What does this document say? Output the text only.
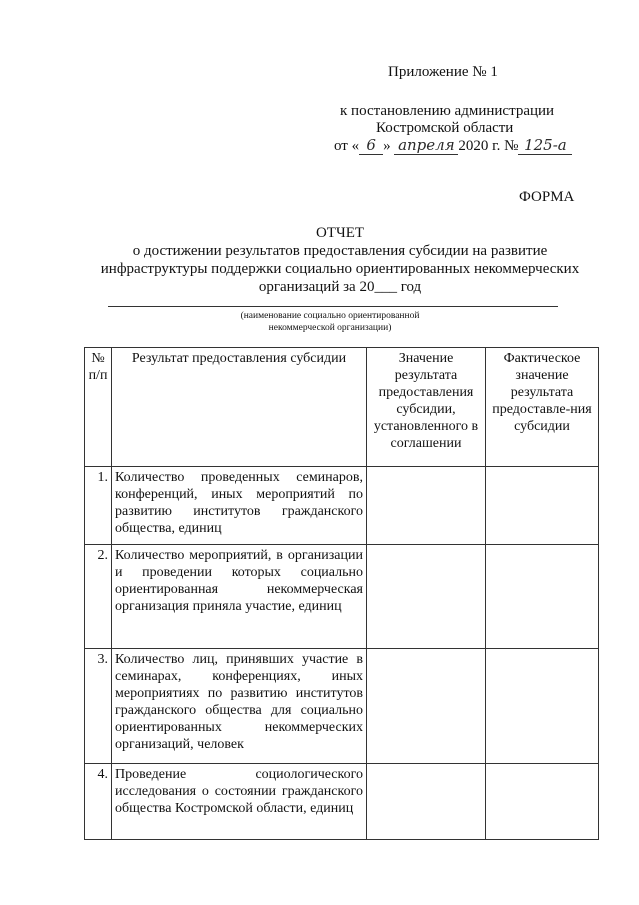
Приложение № 1
к постановлению администрации
Костромской области
от « 6 » апреля 2020 г. № 125-а
ФОРМА
ОТЧЕТ
о достижении результатов предоставления субсидии на развитие
инфраструктуры поддержки социально ориентированных некоммерческих
организаций за 20___ год
(наименование социально ориентированной
некоммерческой организации)
№ п/п	Результат предоставления субсидии	Значение результата предоставления субсидии, установленного в соглашении	Фактическое значение результата предоставле-ния субсидии
1.	Количество проведенных семинаров, конференций, иных мероприятий по развитию институтов гражданского общества, единиц		
2.	Количество мероприятий, в организации и проведении которых социально ориентированная некоммерческая организация приняла участие, единиц		
3.	Количество лиц, принявших участие в семинарах, конференциях, иных мероприятиях по развитию институтов гражданского общества для социально ориентированных некоммерческих организаций, человек		
4.	Проведение социологического исследования о состоянии гражданского общества Костромской области, единиц		
